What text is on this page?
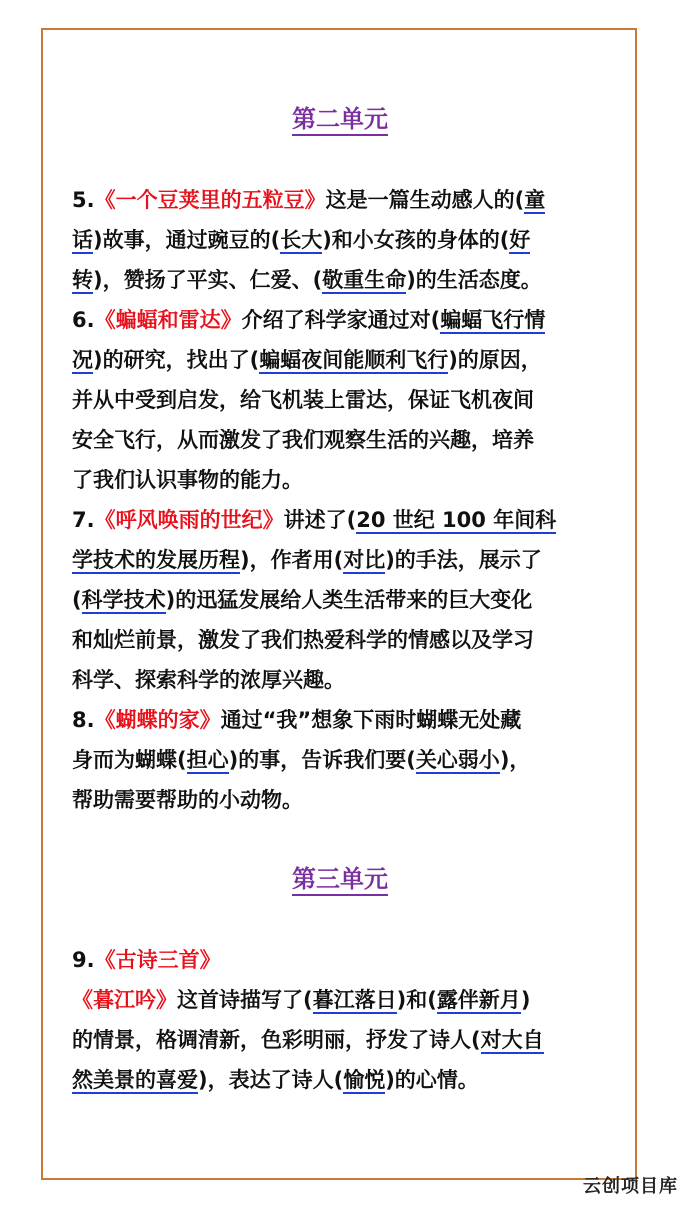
第二单元
5.《一个豆荚里的五粒豆》这是一篇生动感人的(童
话)故事，通过豌豆的(长大)和小女孩的身体的(好
转)，赞扬了平实、仁爱、(敬重生命)的生活态度。
6.《蝙蝠和雷达》介绍了科学家通过对(蝙蝠飞行情
况)的研究，找出了(蝙蝠夜间能顺利飞行)的原因，
并从中受到启发，给飞机装上雷达，保证飞机夜间
安全飞行，从而激发了我们观察生活的兴趣，培养
了我们认识事物的能力。
7.《呼风唤雨的世纪》讲述了(20 世纪 100 年间科
学技术的发展历程)，作者用(对比)的手法，展示了
(科学技术)的迅猛发展给人类生活带来的巨大变化
和灿烂前景，激发了我们热爱科学的情感以及学习
科学、探索科学的浓厚兴趣。
8.《蝴蝶的家》通过“我”想象下雨时蝴蝶无处藏
身而为蝴蝶(担心)的事，告诉我们要(关心弱小)，
帮助需要帮助的小动物。
第三单元
9.《古诗三首》
《暮江吟》这首诗描写了(暮江落日)和(露伴新月)
的情景，格调清新，色彩明丽，抒发了诗人(对大自
然美景的喜爱)，表达了诗人(愉悦)的心情。
云创项目库
